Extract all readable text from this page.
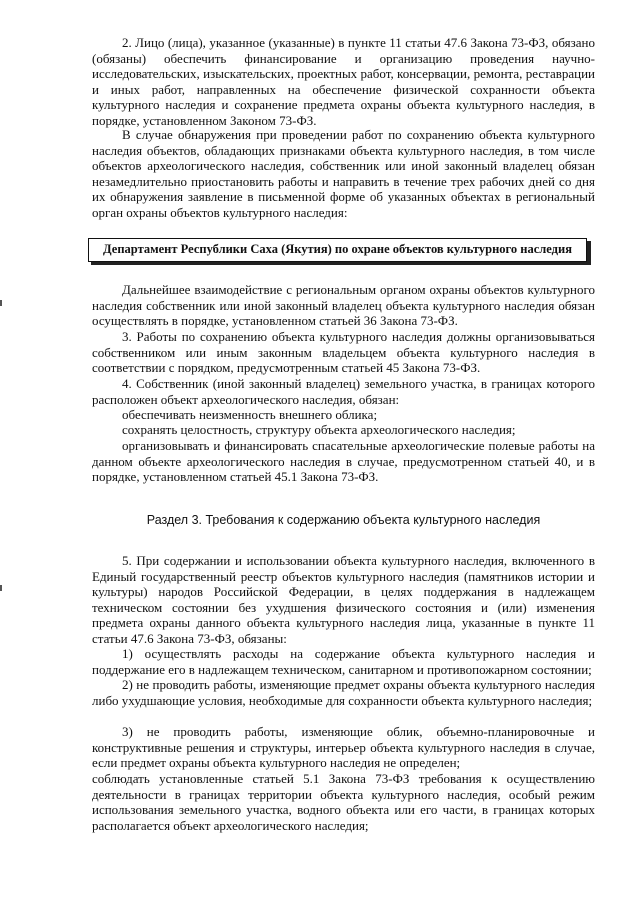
2. Лицо (лица), указанное (указанные) в пункте 11 статьи 47.6 Закона 73-ФЗ, обязано (обязаны) обеспечить финансирование и организацию проведения научно-исследовательских, изыскательских, проектных работ, консервации, ремонта, реставрации и иных работ, направленных на обеспечение физической сохранности объекта культурного наследия и сохранение предмета охраны объекта культурного наследия, в порядке, установленном Законом 73-ФЗ.

В случае обнаружения при проведении работ по сохранению объекта культурного наследия объектов, обладающих признаками объекта культурного наследия, в том числе объектов археологического наследия, собственник или иной законный владелец обязан незамедлительно приостановить работы и направить в течение трех рабочих дней со дня их обнаружения заявление в письменной форме об указанных объектах в региональный орган охраны объектов культурного наследия:

Департамент Республики Саха (Якутия) по охране объектов культурного наследия

Дальнейшее взаимодействие с региональным органом охраны объектов культурного наследия собственник или иной законный владелец объекта культурного наследия обязан осуществлять в порядке, установленном статьей 36 Закона 73-ФЗ.

3. Работы по сохранению объекта культурного наследия должны организовываться собственником или иным законным владельцем объекта культурного наследия в соответствии с порядком, предусмотренным статьей 45 Закона 73-ФЗ.

4. Собственник (иной законный владелец) земельного участка, в границах которого расположен объект археологического наследия, обязан:

обеспечивать неизменность внешнего облика;

сохранять целостность, структуру объекта археологического наследия;

организовывать и финансировать спасательные археологические полевые работы на данном объекте археологического наследия в случае, предусмотренном статьей 40, и в порядке, установленном статьей 45.1 Закона 73-ФЗ.

Раздел 3. Требования к содержанию объекта культурного наследия

5. При содержании и использовании объекта культурного наследия, включенного в Единый государственный реестр объектов культурного наследия (памятников истории и культуры) народов Российской Федерации, в целях поддержания в надлежащем техническом состоянии без ухудшения физического состояния и (или) изменения предмета охраны данного объекта культурного наследия лица, указанные в пункте 11 статьи 47.6 Закона 73-ФЗ, обязаны:

1) осуществлять расходы на содержание объекта культурного наследия и поддержание его в надлежащем техническом, санитарном и противопожарном состоянии;

2) не проводить работы, изменяющие предмет охраны объекта культурного наследия либо ухудшающие условия, необходимые для сохранности объекта культурного наследия;

3) не проводить работы, изменяющие облик, объемно-планировочные и конструктивные решения и структуры, интерьер объекта культурного наследия в случае, если предмет охраны объекта культурного наследия не определен;

соблюдать установленные статьей 5.1 Закона 73-ФЗ требования к осуществлению деятельности в границах территории объекта культурного наследия, особый режим использования земельного участка, водного объекта или его части, в границах которых располагается объект археологического наследия;
